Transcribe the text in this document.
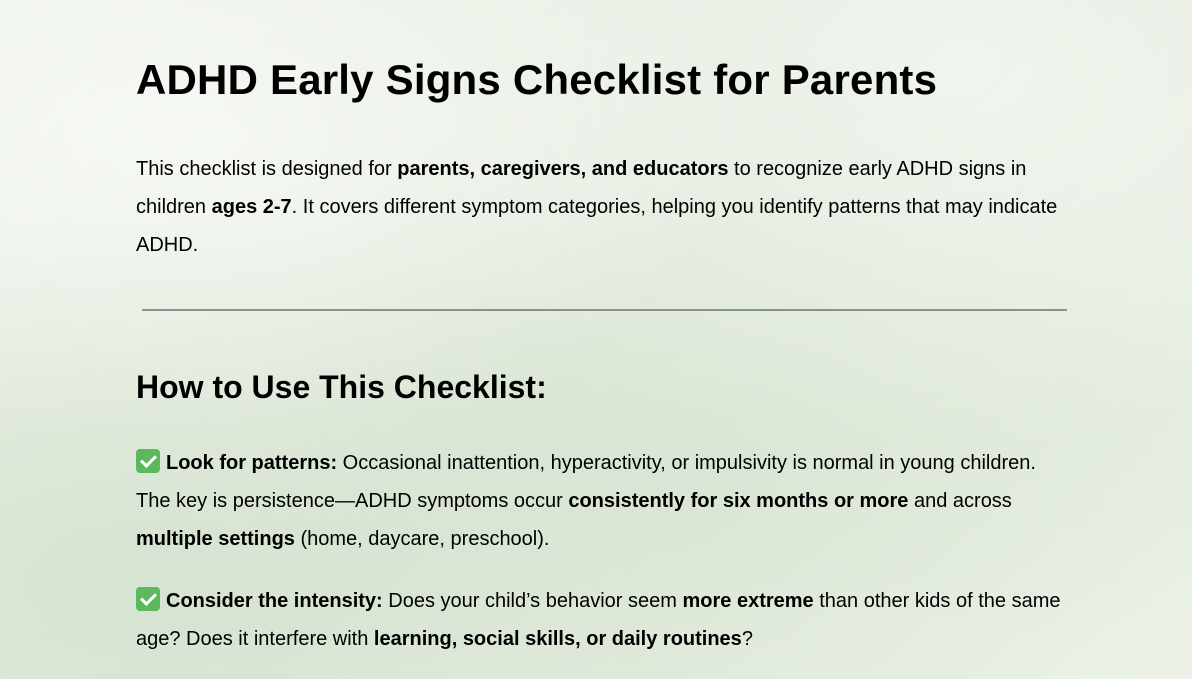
ADHD Early Signs Checklist for Parents

This checklist is designed for parents, caregivers, and educators to recognize early ADHD signs in children ages 2-7. It covers different symptom categories, helping you identify patterns that may indicate ADHD.

How to Use This Checklist:

Look for patterns: Occasional inattention, hyperactivity, or impulsivity is normal in young children. The key is persistence—ADHD symptoms occur consistently for six months or more and across multiple settings (home, daycare, preschool).

Consider the intensity: Does your child’s behavior seem more extreme than other kids of the same age? Does it interfere with learning, social skills, or daily routines?
